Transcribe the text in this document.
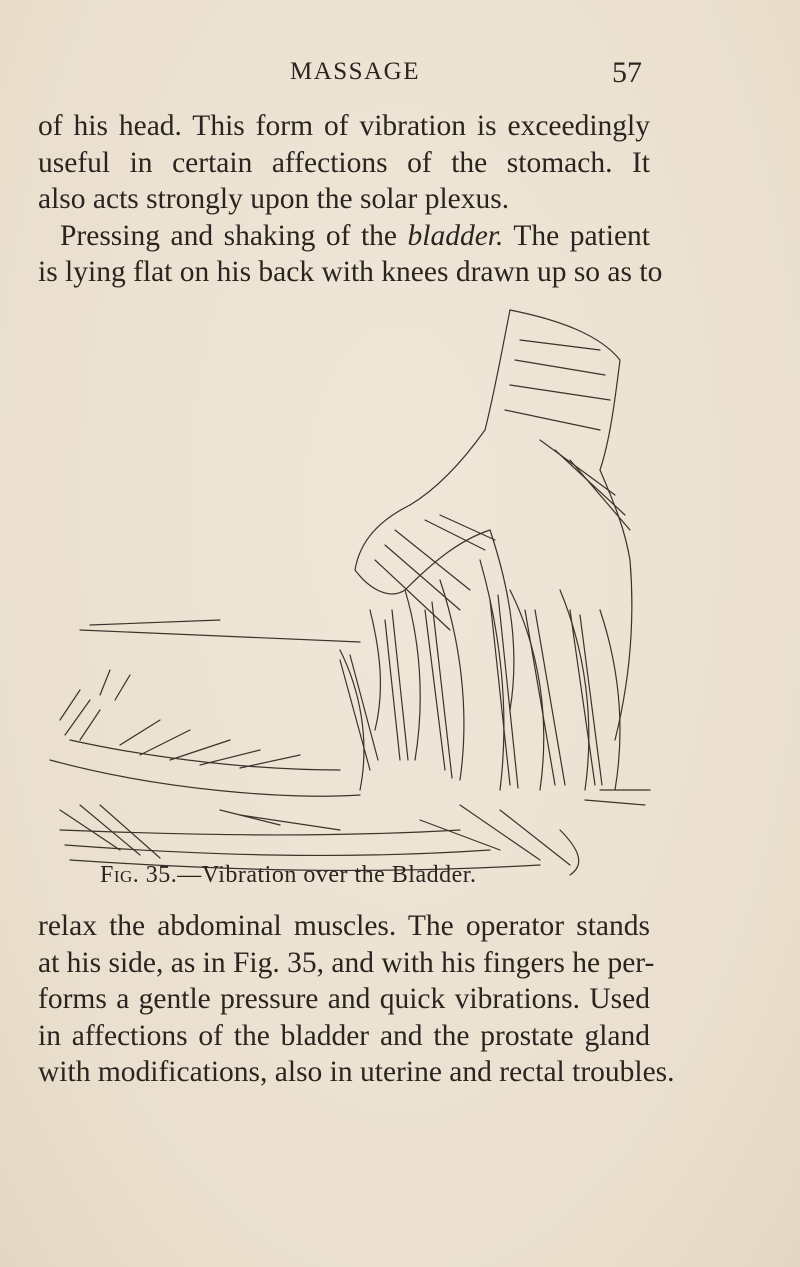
MASSAGE	57
of his head. This form of vibration is exceedingly
useful in certain affections of the stomach. It
also acts strongly upon the solar plexus.
Pressing and shaking of the bladder. The patient
is lying flat on his back with knees drawn up so as to
Fig. 35.—Vibration over the Bladder.
relax the abdominal muscles. The operator stands
at his side, as in Fig. 35, and with his fingers he per-
forms a gentle pressure and quick vibrations. Used
in affections of the bladder and the prostate gland
with modifications, also in uterine and rectal troubles.
